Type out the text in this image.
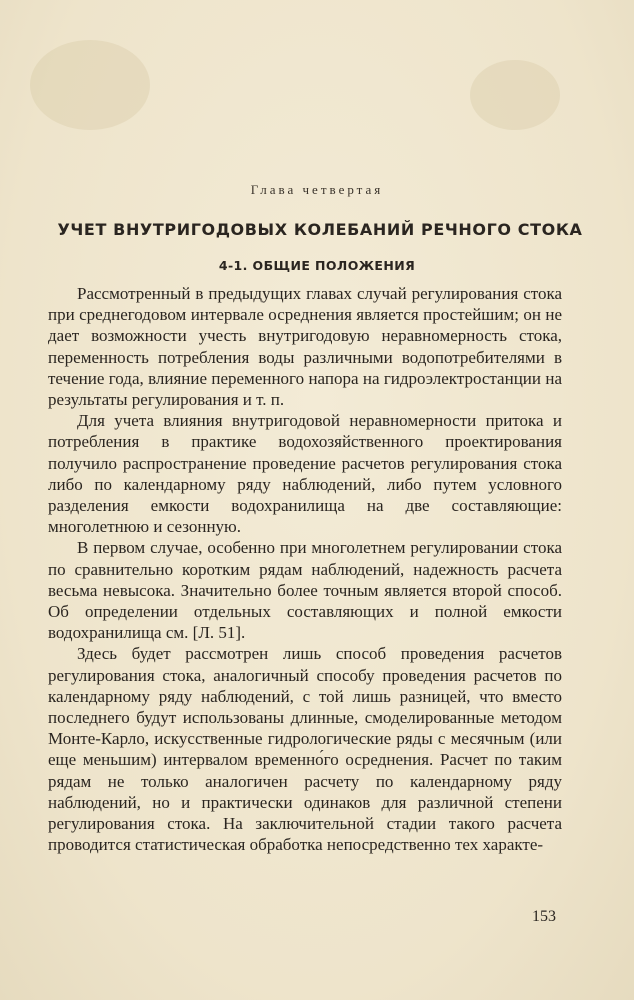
Глава четвертая
УЧЕТ ВНУТРИГОДОВЫХ КОЛЕБАНИЙ РЕЧНОГО СТОКА
4-1. ОБЩИЕ ПОЛОЖЕНИЯ

Рассмотренный в предыдущих главах случай регулирования стока при среднегодовом интервале осреднения является простейшим; он не дает возможности учесть внутригодовую неравномерность стока, переменность потребления воды различными водопотребителями в течение года, влияние переменного напора на гидроэлектростанции на результаты регулирования и т. п.

Для учета влияния внутригодовой неравномерности притока и потребления в практике водохозяйственного проектирования получило распространение проведение расчетов регулирования стока либо по календарному ряду наблюдений, либо путем условного разделения емкости водохранилища на две составляющие: многолетнюю и сезонную.

В первом случае, особенно при многолетнем регулировании стока по сравнительно коротким рядам наблюдений, надежность расчета весьма невысока. Значительно более точным является второй способ. Об определении отдельных составляющих и полной емкости водохранилища см. [Л. 51].

Здесь будет рассмотрен лишь способ проведения расчетов регулирования стока, аналогичный способу проведения расчетов по календарному ряду наблюдений, с той лишь разницей, что вместо последнего будут использованы длинные, смоделированные методом Монте-Карло, искусственные гидрологические ряды с месячным (или еще меньшим) интервалом временно́го осреднения. Расчет по таким рядам не только аналогичен расчету по календарному ряду наблюдений, но и практически одинаков для различной степени регулирования стока. На заключительной стадии такого расчета проводится статистическая обработка непосредственно тех характе-

153
